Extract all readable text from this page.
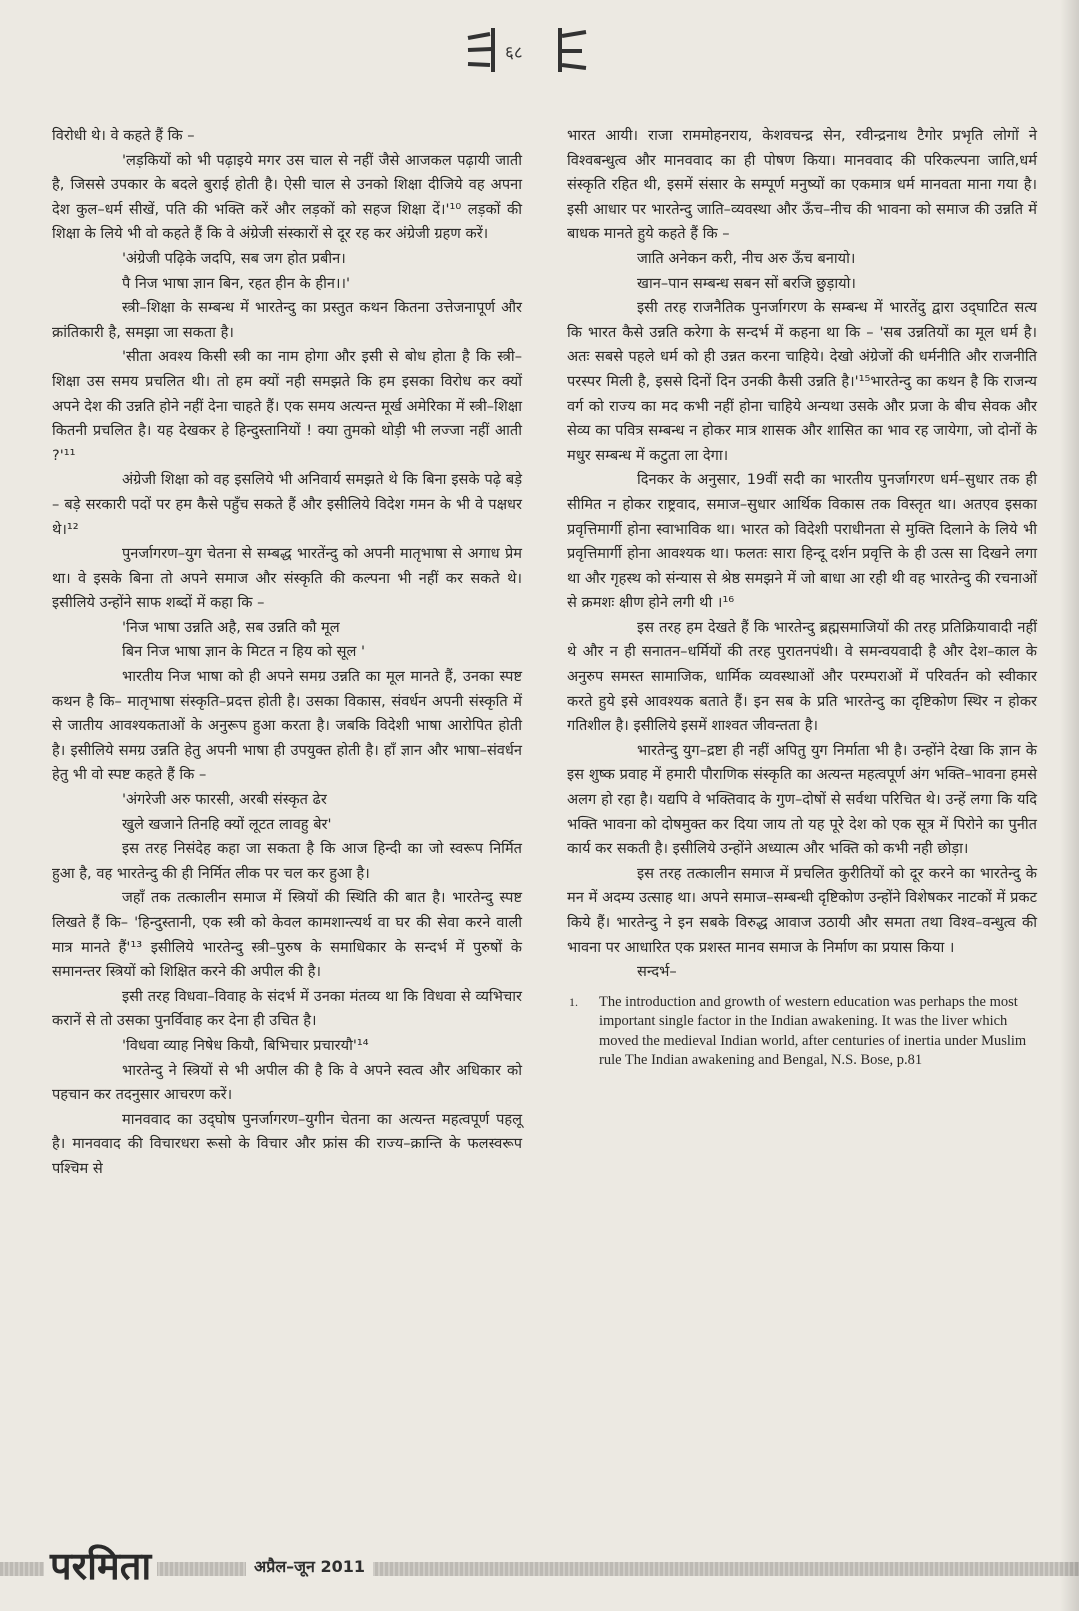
६८

विरोधी थे। वे कहते हैं कि –

'लड़कियों को भी पढ़ाइये मगर उस चाल से नहीं जैसे आजकल पढ़ायी जाती है, जिससे उपकार के बदले बुराई होती है। ऐसी चाल से उनको शिक्षा दीजिये वह अपना देश कुल–धर्म सीखें, पति की भक्ति करें और लड़कों को सहज शिक्षा दें।'¹⁰ लड़कों की शिक्षा के लिये भी वो कहते हैं कि वे अंग्रेजी संस्कारों से दूर रह कर अंग्रेजी ग्रहण करें।

'अंग्रेजी पढ़िके जदपि, सब जग होत प्रबीन।

पै निज भाषा ज्ञान बिन, रहत हीन के हीन।।'

स्त्री–शिक्षा के सम्बन्ध में भारतेन्दु का प्रस्तुत कथन कितना उत्तेजनापूर्ण और क्रांतिकारी है, समझा जा सकता है।

'सीता अवश्य किसी स्त्री का नाम होगा और इसी से बोध होता है कि स्त्री–शिक्षा उस समय प्रचलित थी। तो हम क्यों नही समझते कि हम इसका विरोध कर क्यों अपने देश की उन्नति होने नहीं देना चाहते हैं। एक समय अत्यन्त मूर्ख अमेरिका में स्त्री–शिक्षा कितनी प्रचलित है। यह देखकर हे हिन्दुस्तानियों ! क्या तुमको थोड़ी भी लज्जा नहीं आती ?'¹¹

अंग्रेजी शिक्षा को वह इसलिये भी अनिवार्य समझते थे कि बिना इसके पढ़े बड़े – बड़े सरकारी पदों पर हम कैसे पहुँच सकते हैं और इसीलिये विदेश गमन के भी वे पक्षधर थे।¹²

पुनर्जागरण–युग चेतना से सम्बद्ध भारतेंन्दु को अपनी मातृभाषा से अगाध प्रेम था। वे इसके बिना तो अपने समाज और संस्कृति की कल्पना भी नहीं कर सकते थे। इसीलिये उन्होंने साफ शब्दों में कहा कि –

'निज भाषा उन्नति अहै, सब उन्नति कौ मूल

बिन निज भाषा ज्ञान के मिटत न हिय को सूल '

भारतीय निज भाषा को ही अपने समग्र उन्नति का मूल मानते हैं, उनका स्पष्ट कथन है कि– मातृभाषा संस्कृति–प्रदत्त होती है। उसका विकास, संवर्धन अपनी संस्कृति में से जातीय आवश्यकताओं के अनुरूप हुआ करता है। जबकि विदेशी भाषा आरोपित होती है। इसीलिये समग्र उन्नति हेतु अपनी भाषा ही उपयुक्त होती है। हॉं ज्ञान और भाषा–संवर्धन हेतु भी वो स्पष्ट कहते हैं कि –

'अंगरेजी अरु फारसी, अरबी संस्कृत ढेर

खुले खजाने तिनहि क्यों लूटत लावहु बेर'

इस तरह निसंदेह कहा जा सकता है कि आज हिन्दी का जो स्वरूप निर्मित हुआ है, वह भारतेन्दु की ही निर्मित लीक पर चल कर हुआ है।

जहॉं तक तत्कालीन समाज में स्त्रियों की स्थिति की बात है। भारतेन्दु स्पष्ट लिखते हैं कि– 'हिन्दुस्तानी, एक स्त्री को केवल कामशान्त्यर्थ वा घर की सेवा करने वाली मात्र मानते हैं'¹³ इसीलिये भारतेन्दु स्त्री–पुरुष के समाधिकार के सन्दर्भ में पुरुषों के समानन्तर स्त्रियों को शिक्षित करने की अपील की है।

इसी तरह विधवा–विवाह के संदर्भ में उनका मंतव्य था कि विधवा से व्यभिचार करानें से तो उसका पुनर्विवाह कर देना ही उचित है।

'विधवा व्याह निषेध कियौ, बिभिचार प्रचारयौ'¹⁴

भारतेन्दु ने स्त्रियों से भी अपील की है कि वे अपने स्वत्व और अधिकार को पहचान कर तदनुसार आचरण करें।

मानववाद का उद्‌घोष पुनर्जागरण–युगीन चेतना का अत्यन्त महत्वपूर्ण पहलू है। मानववाद की विचारधरा रूसो के विचार और फ्रांस की राज्य–क्रान्ति के फलस्वरूप पश्चिम से

भारत आयी। राजा राममोहनराय, केशवचन्द्र सेन, रवीन्द्रनाथ टैगोर प्रभृति लोगों ने विश्वबन्धुत्व और मानववाद का ही पोषण किया। मानववाद की परिकल्पना जाति,धर्म संस्कृति रहित थी, इसमें संसार के सम्पूर्ण मनुष्यों का एकमात्र धर्म मानवता माना गया है। इसी आधार पर भारतेन्दु जाति–व्यवस्था और ऊँच–नीच की भावना को समाज की उन्नति में बाधक मानते हुये कहते हैं कि –

जाति अनेकन करी, नीच अरु ऊँच बनायो।

खान–पान सम्बन्ध सबन सों बरजि छुड़ायो।

इसी तरह राजनैतिक पुनर्जागरण के सम्बन्ध में भारतेंदु द्वारा उद्‌घाटित सत्य कि भारत कैसे उन्नति करेगा के सन्दर्भ में कहना था कि – 'सब उन्नतियों का मूल धर्म है। अतः सबसे पहले धर्म को ही उन्नत करना चाहिये। देखो अंग्रेजों की धर्मनीति और राजनीति परस्पर मिली है, इससे दिनों दिन उनकी कैसी उन्नति है।'¹⁵भारतेन्दु का कथन है कि राजन्य वर्ग को राज्य का मद कभी नहीं होना चाहिये अन्यथा उसके और प्रजा के बीच सेवक और सेव्य का पवित्र सम्बन्ध न होकर मात्र शासक और शासित का भाव रह जायेगा, जो दोनों के मधुर सम्बन्ध में कटुता ला देगा।

दिनकर के अनुसार, 19वीं सदी का भारतीय पुनर्जागरण धर्म–सुधार तक ही सीमित न होकर राष्ट्रवाद, समाज–सुधार आर्थिक विकास तक विस्तृत था। अतएव इसका प्रवृत्तिमार्गी होना स्वाभाविक था। भारत को विदेशी पराधीनता से मुक्ति दिलाने के लिये भी प्रवृत्तिमार्गी होना आवश्यक था। फलतः सारा हिन्दू दर्शन प्रवृत्ति के ही उत्स सा दिखने लगा था और गृहस्थ को संन्यास से श्रेष्ठ समझने में जो बाधा आ रही थी वह भारतेन्दु की रचनाओं से क्रमशः क्षीण होने लगी थी ।¹⁶

इस तरह हम देखते हैं कि भारतेन्दु ब्रह्मसमाजियों की तरह प्रतिक्रियावादी नहीं थे और न ही सनातन–धर्मियों की तरह पुरातनपंथी। वे समन्वयवादी है और देश–काल के अनुरुप समस्त सामाजिक, धार्मिक व्यवस्थाओं और परम्पराओं में परिवर्तन को स्वीकार करते हुये इसे आवश्यक बताते हैं। इन सब के प्रति भारतेन्दु का दृष्टिकोण स्थिर न होकर गतिशील है। इसीलिये इसमें शाश्वत जीवन्तता है।

भारतेन्दु युग–द्रष्टा ही नहीं अपितु युग निर्माता भी है। उन्होंने देखा कि ज्ञान के इस शुष्क प्रवाह में हमारी पौराणिक संस्कृति का अत्यन्त महत्वपूर्ण अंग भक्ति–भावना हमसे अलग हो रहा है। यद्यपि वे भक्तिवाद के गुण–दोषों से सर्वथा परिचित थे। उन्हें लगा कि यदि भक्ति भावना को दोषमुक्त कर दिया जाय तो यह पूरे देश को एक सूत्र में पिरोने का पुनीत कार्य कर सकती है। इसीलिये उन्होंने अध्यात्म और भक्ति को कभी नही छोड़ा।

इस तरह तत्कालीन समाज में प्रचलित कुरीतियों को दूर करने का भारतेन्दु के मन में अदम्य उत्साह था। अपने समाज–सम्बन्धी दृष्टिकोण उन्होंने विशेषकर नाटकों में प्रकट किये हैं। भारतेन्दु ने इन सबके विरुद्ध आवाज उठायी और समता तथा विश्व–वन्धुत्व की भावना पर आधारित एक प्रशस्त मानव समाज के निर्माण का प्रयास किया ।

सन्दर्भ–

1.	The introduction and growth of western education was perhaps the most important single factor in the Indian awakening. It was the liver which moved the medieval Indian world, after centuries of inertia under Muslim rule The Indian awakening and Bengal, N.S. Bose, p.81
परमिता	अप्रैल–जून 2011
